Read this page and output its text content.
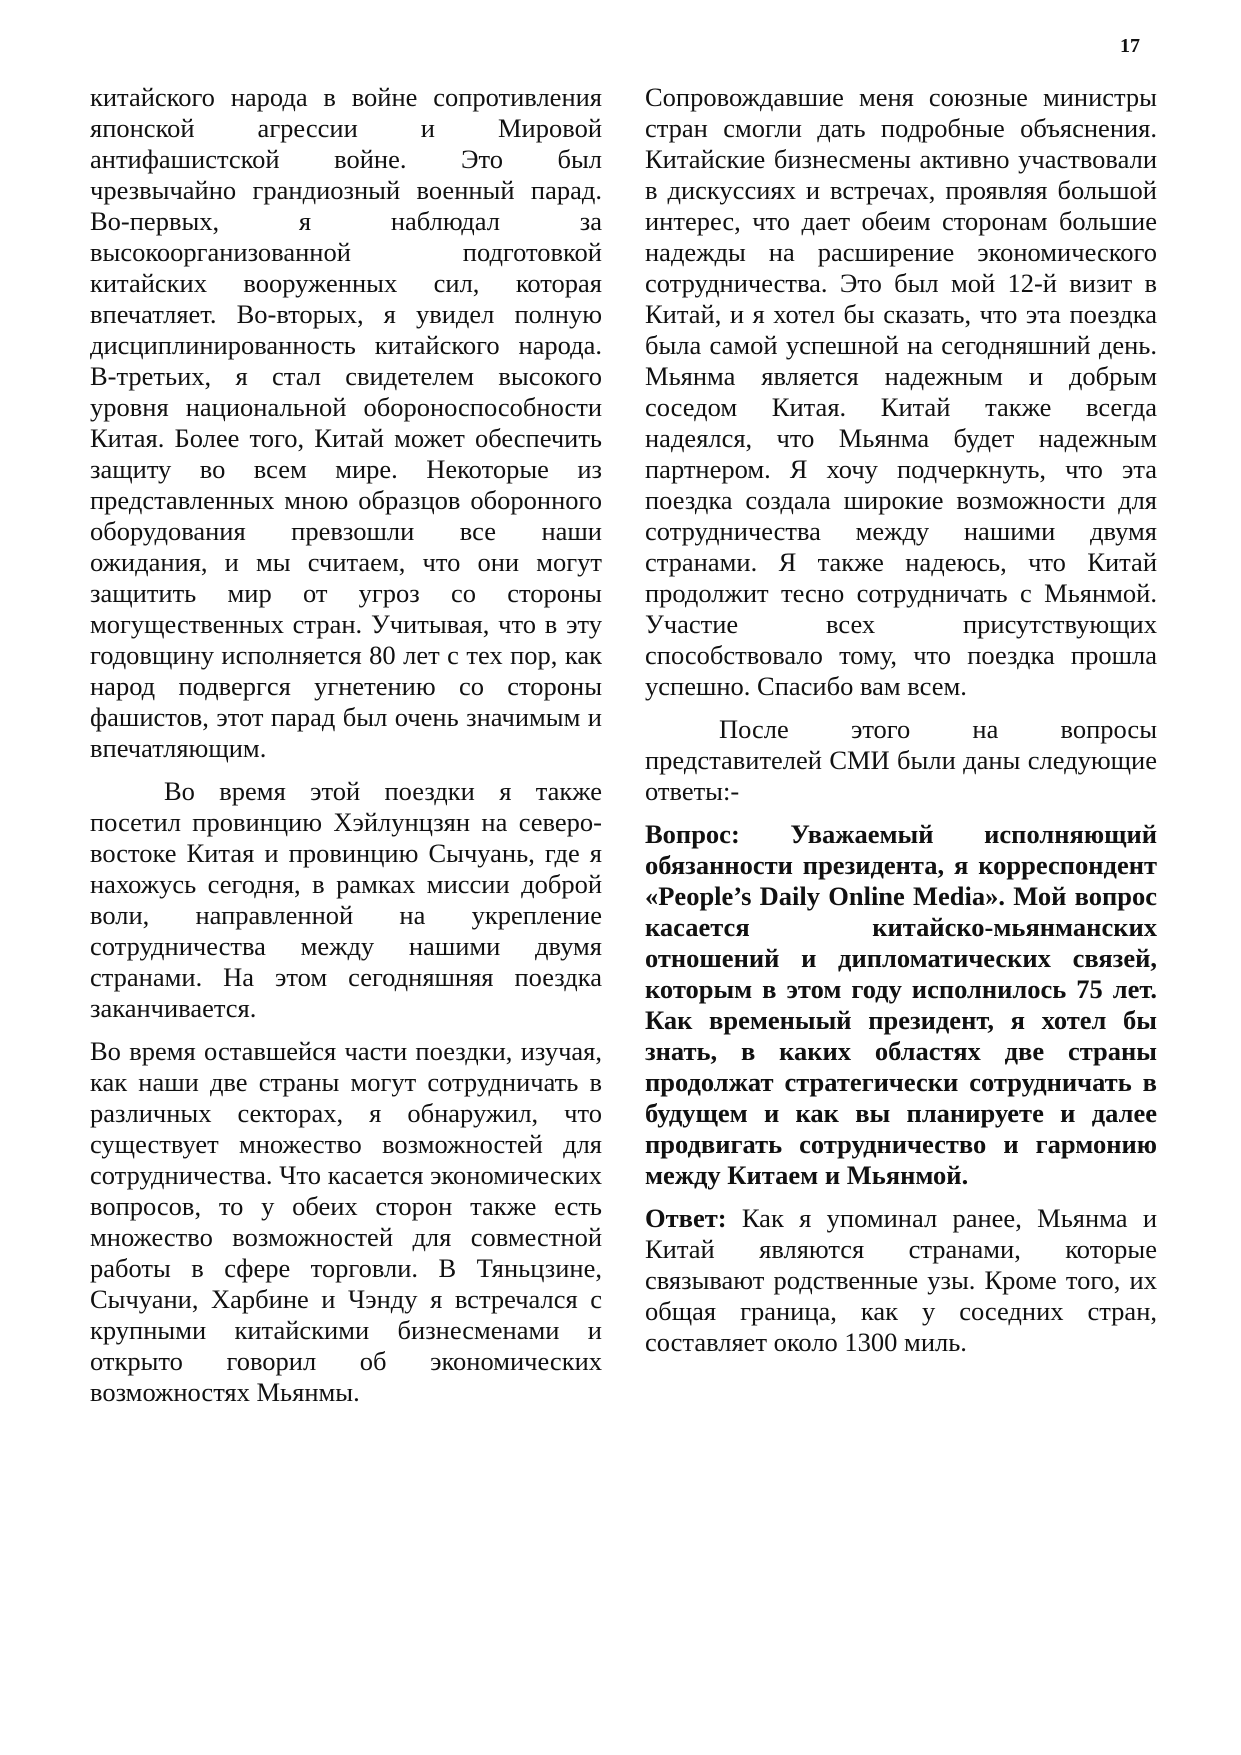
17

китайского народа в войне сопротивления японской агрессии и Мировой антифашистской войне. Это был чрезвычайно грандиозный военный парад. Во-первых, я наблюдал за высокоорганизованной подготовкой китайских вооруженных сил, которая впечатляет. Во-вторых, я увидел полную дисциплинированность китайского народа. В-третьих, я стал свидетелем высокого уровня национальной обороноспособности Китая. Более того, Китай может обеспечить защиту во всем мире. Некоторые из представленных мною образцов оборонного оборудования превзошли все наши ожидания, и мы считаем, что они могут защитить мир от угроз со стороны могущественных стран. Учитывая, что в эту годовщину исполняется 80 лет с тех пор, как народ подвергся угнетению со стороны фашистов, этот парад был очень значимым и впечатляющим.

Во время этой поездки я также посетил провинцию Хэйлунцзян на северо-востоке Китая и провинцию Сычуань, где я нахожусь сегодня, в рамках миссии доброй воли, направленной на укрепление сотрудничества между нашими двумя странами. На этом сегодняшняя поездка заканчивается.

Во время оставшейся части поездки, изучая, как наши две страны могут сотрудничать в различных секторах, я обнаружил, что существует множество возможностей для сотрудничества. Что касается экономических вопросов, то у обеих сторон также есть множество возможностей для совместной работы в сфере торговли. В Тяньцзине, Сычуани, Харбине и Чэнду я встречался с крупными китайскими бизнесменами и открыто говорил об экономических возможностях Мьянмы.

Сопровождавшие меня союзные министры стран смогли дать подробные объяснения. Китайские бизнесмены активно участвовали в дискуссиях и встречах, проявляя большой интерес, что дает обеим сторонам большие надежды на расширение экономического сотрудничества. Это был мой 12-й визит в Китай, и я хотел бы сказать, что эта поездка была самой успешной на сегодняшний день. Мьянма является надежным и добрым соседом Китая. Китай также всегда надеялся, что Мьянма будет надежным партнером. Я хочу подчеркнуть, что эта поездка создала широкие возможности для сотрудничества между нашими двумя странами. Я также надеюсь, что Китай продолжит тесно сотрудничать с Мьянмой. Участие всех присутствующих способствовало тому, что поездка прошла успешно. Спасибо вам всем.

После этого на вопросы представителей СМИ были даны следующие ответы:-

Вопрос: Уважаемый исполняющий обязанности президента, я корреспондент «People’s Daily Online Media». Мой вопрос касается китайско-мьянманских отношений и дипломатических связей, которым в этом году исполнилось 75 лет. Как временыый президент, я хотел бы знать, в каких областях две страны продолжат стратегически сотрудничать в будущем и как вы планируете и далее продвигать сотрудничество и гармонию между Китаем и Мьянмой.

Ответ: Как я упоминал ранее, Мьянма и Китай являются странами, которые связывают родственные узы. Кроме того, их общая граница, как у соседних стран, составляет около 1300 миль.
